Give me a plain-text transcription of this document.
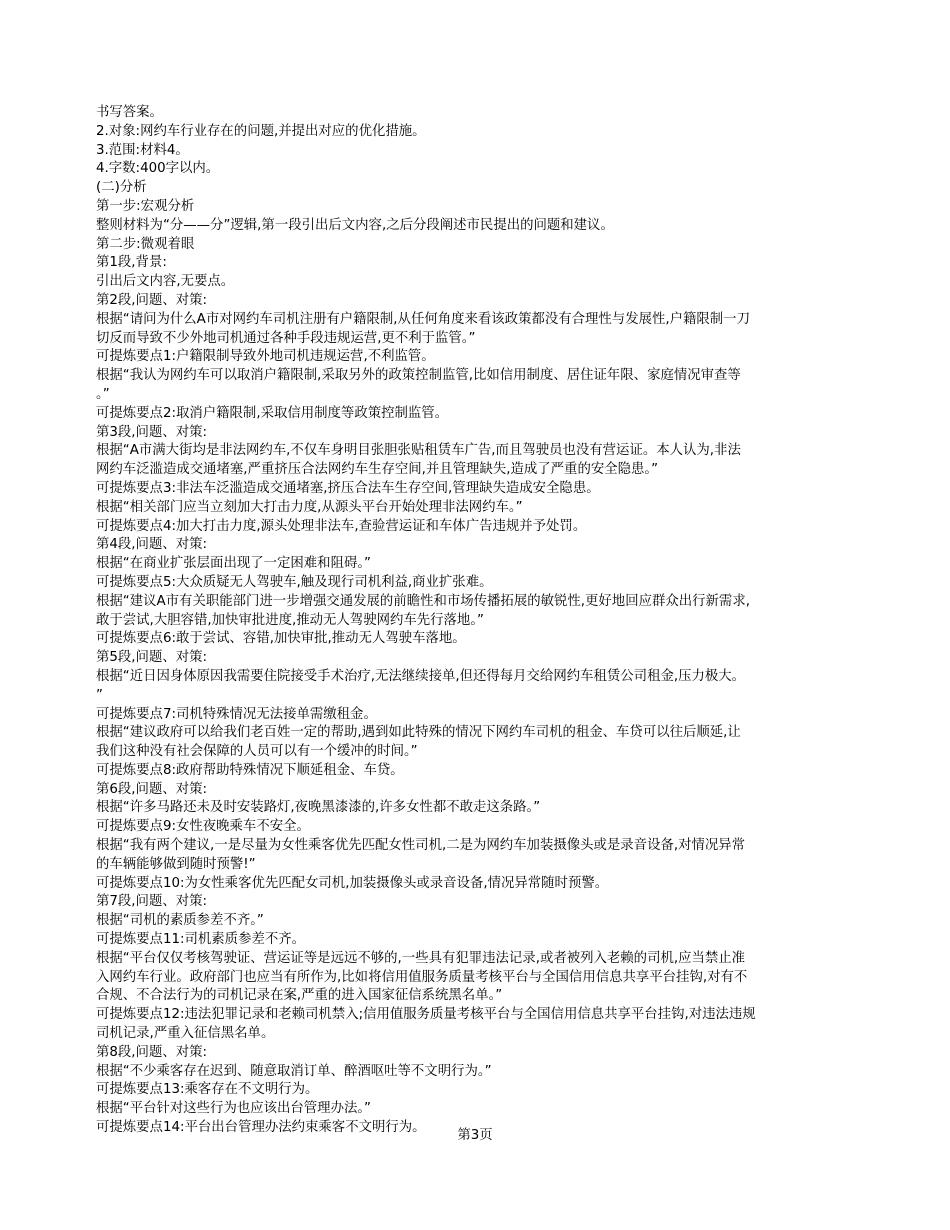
书写答案。
2.对象:网约车行业存在的问题,并提出对应的优化措施。
3.范围:材料4。
4.字数:400字以内。
(二)分析
第一步:宏观分析
整则材料为“分——分”逻辑,第一段引出后文内容,之后分段阐述市民提出的问题和建议。
第二步:微观着眼
第1段,背景:
引出后文内容,无要点。
第2段,问题、对策:
根据“请问为什么A市对网约车司机注册有户籍限制,从任何角度来看该政策都没有合理性与发展性,户籍限制一刀
切反而导致不少外地司机通过各种手段违规运营,更不利于监管。”
可提炼要点1:户籍限制导致外地司机违规运营,不利监管。
根据“我认为网约车可以取消户籍限制,采取另外的政策控制监管,比如信用制度、居住证年限、家庭情况审查等
。”
可提炼要点2:取消户籍限制,采取信用制度等政策控制监管。
第3段,问题、对策:
根据“A市满大街均是非法网约车,不仅车身明目张胆张贴租赁车广告,而且驾驶员也没有营运证。本人认为,非法
网约车泛滥造成交通堵塞,严重挤压合法网约车生存空间,并且管理缺失,造成了严重的安全隐患。”
可提炼要点3:非法车泛滥造成交通堵塞,挤压合法车生存空间,管理缺失造成安全隐患。
根据“相关部门应当立刻加大打击力度,从源头平台开始处理非法网约车。”
可提炼要点4:加大打击力度,源头处理非法车,查验营运证和车体广告违规并予处罚。
第4段,问题、对策:
根据“在商业扩张层面出现了一定困难和阻碍。”
可提炼要点5:大众质疑无人驾驶车,触及现行司机利益,商业扩张难。
根据“建议A市有关职能部门进一步增强交通发展的前瞻性和市场传播拓展的敏锐性,更好地回应群众出行新需求,
敢于尝试,大胆容错,加快审批进度,推动无人驾驶网约车先行落地。”
可提炼要点6:敢于尝试、容错,加快审批,推动无人驾驶车落地。
第5段,问题、对策:
根据“近日因身体原因我需要住院接受手术治疗,无法继续接单,但还得每月交给网约车租赁公司租金,压力极大。
”
可提炼要点7:司机特殊情况无法接单需缴租金。
根据“建议政府可以给我们老百姓一定的帮助,遇到如此特殊的情况下网约车司机的租金、车贷可以往后顺延,让
我们这种没有社会保障的人员可以有一个缓冲的时间。”
可提炼要点8:政府帮助特殊情况下顺延租金、车贷。
第6段,问题、对策:
根据“许多马路还未及时安装路灯,夜晚黑漆漆的,许多女性都不敢走这条路。”
可提炼要点9:女性夜晚乘车不安全。
根据“我有两个建议,一是尽量为女性乘客优先匹配女性司机,二是为网约车加装摄像头或是录音设备,对情况异常
的车辆能够做到随时预警!”
可提炼要点10:为女性乘客优先匹配女司机,加装摄像头或录音设备,情况异常随时预警。
第7段,问题、对策:
根据“司机的素质参差不齐。”
可提炼要点11:司机素质参差不齐。
根据“平台仅仅考核驾驶证、营运证等是远远不够的,一些具有犯罪违法记录,或者被列入老赖的司机,应当禁止准
入网约车行业。政府部门也应当有所作为,比如将信用值服务质量考核平台与全国信用信息共享平台挂钩,对有不
合规、不合法行为的司机记录在案,严重的进入国家征信系统黑名单。”
可提炼要点12:违法犯罪记录和老赖司机禁入;信用值服务质量考核平台与全国信用信息共享平台挂钩,对违法违规
司机记录,严重入征信黑名单。
第8段,问题、对策:
根据“不少乘客存在迟到、随意取消订单、醉酒呕吐等不文明行为。”
可提炼要点13:乘客存在不文明行为。
根据“平台针对这些行为也应该出台管理办法。”
可提炼要点14:平台出台管理办法约束乘客不文明行为。
第3页
